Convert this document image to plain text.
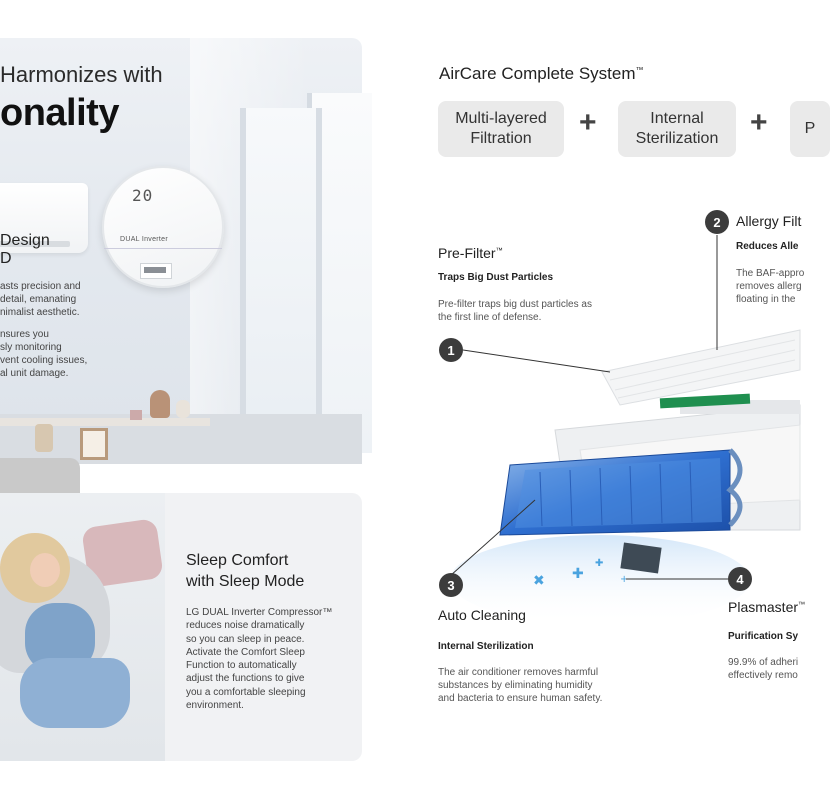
20
DUAL Inverter
Harmonizes with
onality
Design
D
asts precision and
detail, emanating
nimalist aesthetic.
nsures you
sly monitoring
vent cooling issues,
al unit damage.
Sleep Comfort
with Sleep Mode
LG DUAL Inverter Compressor™
reduces noise dramatically
so you can sleep in peace.
Activate the Comfort Sleep
Function to automatically
adjust the functions to give
you a comfortable sleeping
environment.
AirCare Complete System™
Multi-layered
Filtration	+	Internal
Sterilization + P
✖ ✚
✚
+
Pre-Filter™
Traps Big Dust Particles
Pre-filter traps big dust particles as
the first line of defense.
Allergy Filt
Reduces Alle
The BAF-appro
removes allerg
floating in the
Auto Cleaning
Internal Sterilization
The air conditioner removes harmful
substances by eliminating humidity
and bacteria to ensure human safety.
Plasmaster™
Purification Sy
99.9% of adheri
effectively remo
1
2
3	4
